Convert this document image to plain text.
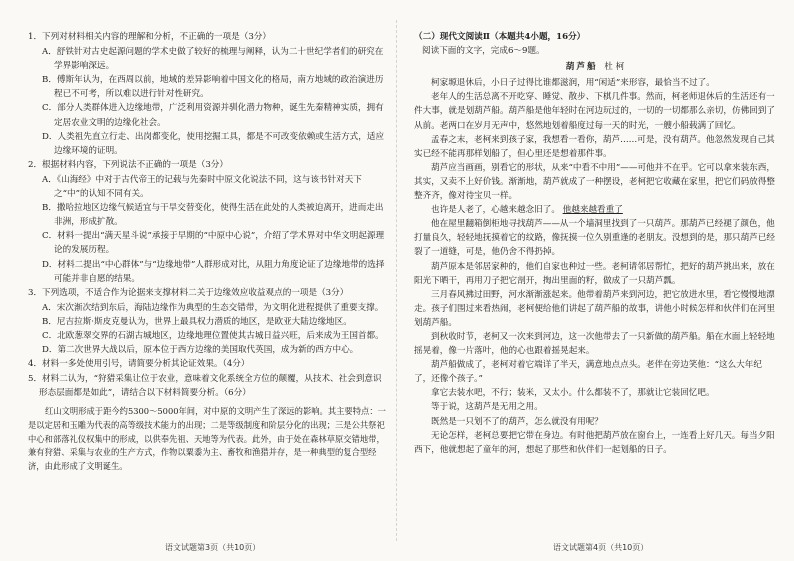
1．下列对材料相关内容的理解和分析，不正确的一项是（3分）

A．舒铁针对古史起源问题的学术史做了较好的梳理与阐释，认为二十世纪学者们的研究在学界影响深远。

B．傅斯年认为，在西周以前，地域的差异影响着中国文化的格局，南方地域的政治演进历程已不可考，所以难以进行针对性研究。

C．部分人类群体进入边缘地带，广泛利用资源并驯化潜力物种，诞生先秦精神实质，拥有定居农业文明的边缘化社会。

D．人类祖先直立行走、出岗都变化，使用挖掘工具，都是不可改变依赖或生活方式，适应边缘环境的证明。

2．根据材料内容，下列说法不正确的一项是（3分）

A．《山海经》中对于古代帝王的记载与先秦时中原文化说法不同，这与该书针对天下之“中”的认知不同有关。

B．撒哈拉地区边缘气候适宜与干旱交替变化，使得生活在此处的人类被迫离开，进而走出非洲，形成扩散。

C．材料一提出“满天星斗说”承接于早期的“中原中心说”，介绍了学术界对中华文明起源理论的发展历程。

D．材料二提出“中心群体”与“边缘地带”人群形成对比，从阻力角度论证了边缘地带的选择可能并非自愿的结果。

3．下列选项，不适合作为论据来支撑材料二关于边缘效应收益观点的一项是（3分）

A．宋次渐次结到东后，海陆边缘作为典型的生态交错带，为文明化进程提供了重要支撑。

B．尼吉拉斯·斯皮克曼认为，世界上最具权力潜质的地区，是欧亚大陆边缘地区。

C．北欧葱翠交界的石湖古城地区，边缘地理位置使其古城日益兴旺，后来成为王国首都。

D．第二次世界大战以后，原本位于西方边缘的美国取代英国，成为新的西方中心。

4．材料一多处使用引号，请简要分析其论证效果。（4分）

5．材料二认为，“狩猎采集让位于农业，意味着文化系统全方位的颠覆，从技术、社会到意识形态层面都是如此”，请结合以下材料简要分析。（6分）

红山文明形成于距今约5300～5000年间，对中原的文明产生了深远的影响。其主要特点：一是以定居和玉雕为代表的高等级技术能力的出现；二是等级制度和阶层分化的出现；三是公共祭祀中心和部落礼仪权集中的形成，以供奉先祖、天地等为代表。此外，由于处在森林草原交错地带，兼有狩猎、采集与农业的生产方式，作物以粟黍为主、畜牧和渔猎并存，是一种典型的复合型经济，由此形成了文明诞生。

（二）现代文阅读Ⅱ（本题共4小题，16分）

阅读下面的文字，完成6～9题。

葫芦船 杜 柯

柯家塬退休后，小日子过得比谁都滋润，用“闲适”来形容，最恰当不过了。

老年人的生活总离不开吃穿、睡觉、散步、下棋几件事。然而，柯老师退休后的生活还有一件大事，就是划葫芦船。葫芦船是他年轻时在河边玩过的，一切的一切都那么亲切，仿佛回到了从前。老两口在岁月无声中，悠然地划着船度过每一天的时光，一艘小船载满了回忆。

孟春之末，老柯来到孩子家，我想看一看你，葫芦……可是，没有葫芦。他忽然发现自己其实已经不能再那样划船了，但心里还是想着那件事。

葫芦应当画画，别看它的形状，从来“中看不中用”——可他并不在乎。它可以拿来装东西，其实，又卖不上好价钱。渐渐地，葫芦就成了一种摆设，老柯把它收藏在家里，把它们码放得整整齐齐，像对待宝贝一样。

也许是人老了，心越来越念旧了。 他越来越看重了

他在屋里翻箱倒柜地寻找葫芦——从一个墙洞里找到了一只葫芦。那葫芦已经褪了颜色，他打量良久，轻轻地抚摸着它的纹路，像抚摸一位久别重逢的老朋友。没想到的是，那只葫芦已经裂了一道缝，可是，他仍舍不得扔掉。

葫芦原本是邻居家种的，他们自家也种过一些。老柯请邻居帮忙，把好的葫芦挑出来，放在阳光下晒干，再用刀子把它剖开，掏出里面的籽，做成了一只葫芦瓢。

三月春风拂过田野，河水渐渐涨起来。他带着葫芦来到河边，把它放进水里，看它慢慢地漂走。孩子们围过来看热闹，老柯便给他们讲起了葫芦船的故事，讲他小时候怎样和伙伴们在河里划葫芦船。

到秋收时节，老柯又一次来到河边，这一次他带去了一只新做的葫芦船。船在水面上轻轻地摇晃着，像一片落叶，他的心也跟着摇晃起来。

葫芦船做成了，老柯对着它端详了半天，满意地点点头。老伴在旁边笑他：“这么大年纪了，还像个孩子。”

拿它去装水吧，不行；装米，又太小。什么都装不了，那就让它装回忆吧。

等于说，这葫芦是无用之用。

既然是一只划不了的葫芦，怎么就没有用呢？

无论怎样，老柯总要把它带在身边。有时他把葫芦放在窗台上，一连看上好几天。每当夕阳西下，他就想起了童年的河，想起了那些和伙伴们一起划船的日子。

语文试题第3页（共10页）	语文试题第4页（共10页）
